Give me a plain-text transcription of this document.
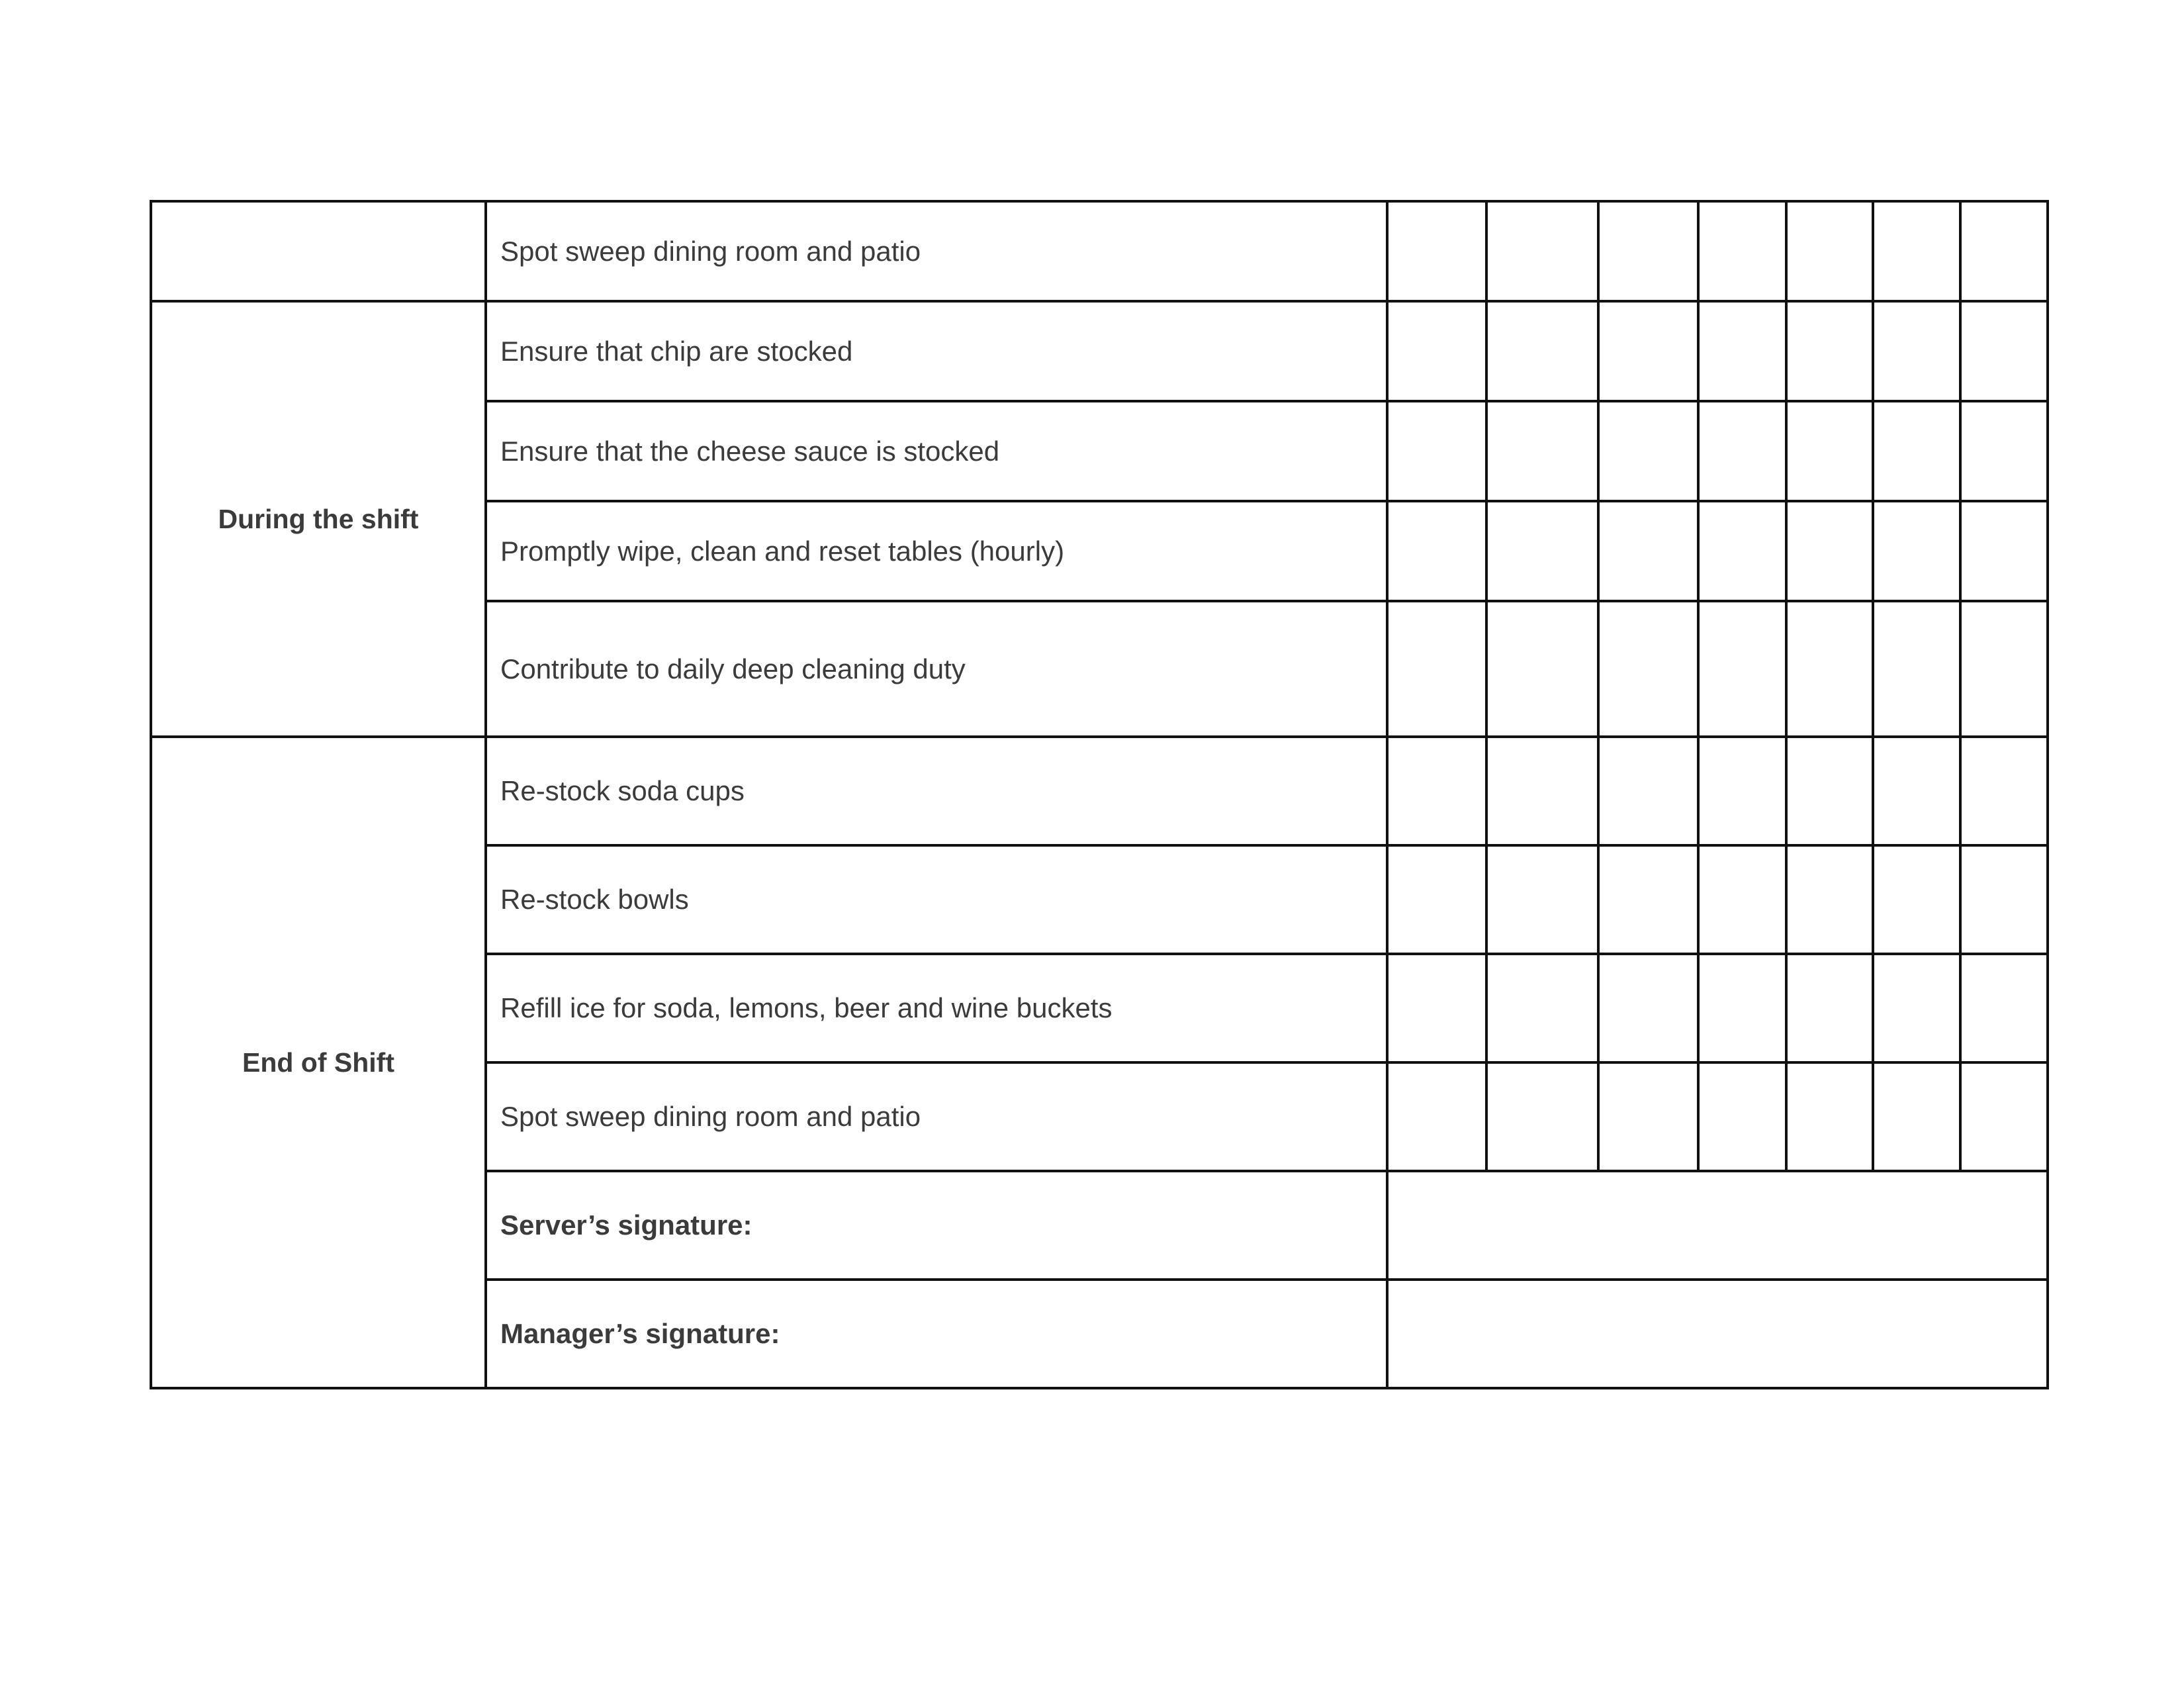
	Spot sweep dining room and patio							
During the shift	Ensure that chip are stocked							
	Ensure that the cheese sauce is stocked							
	Promptly wipe, clean and reset tables (hourly)							
	Contribute to daily deep cleaning duty							
End of Shift	Re-stock soda cups							
	Re-stock bowls							
	Refill ice for soda, lemons, beer and wine buckets							
	Spot sweep dining room and patio							
	Server’s signature:							
	Manager’s signature:							
